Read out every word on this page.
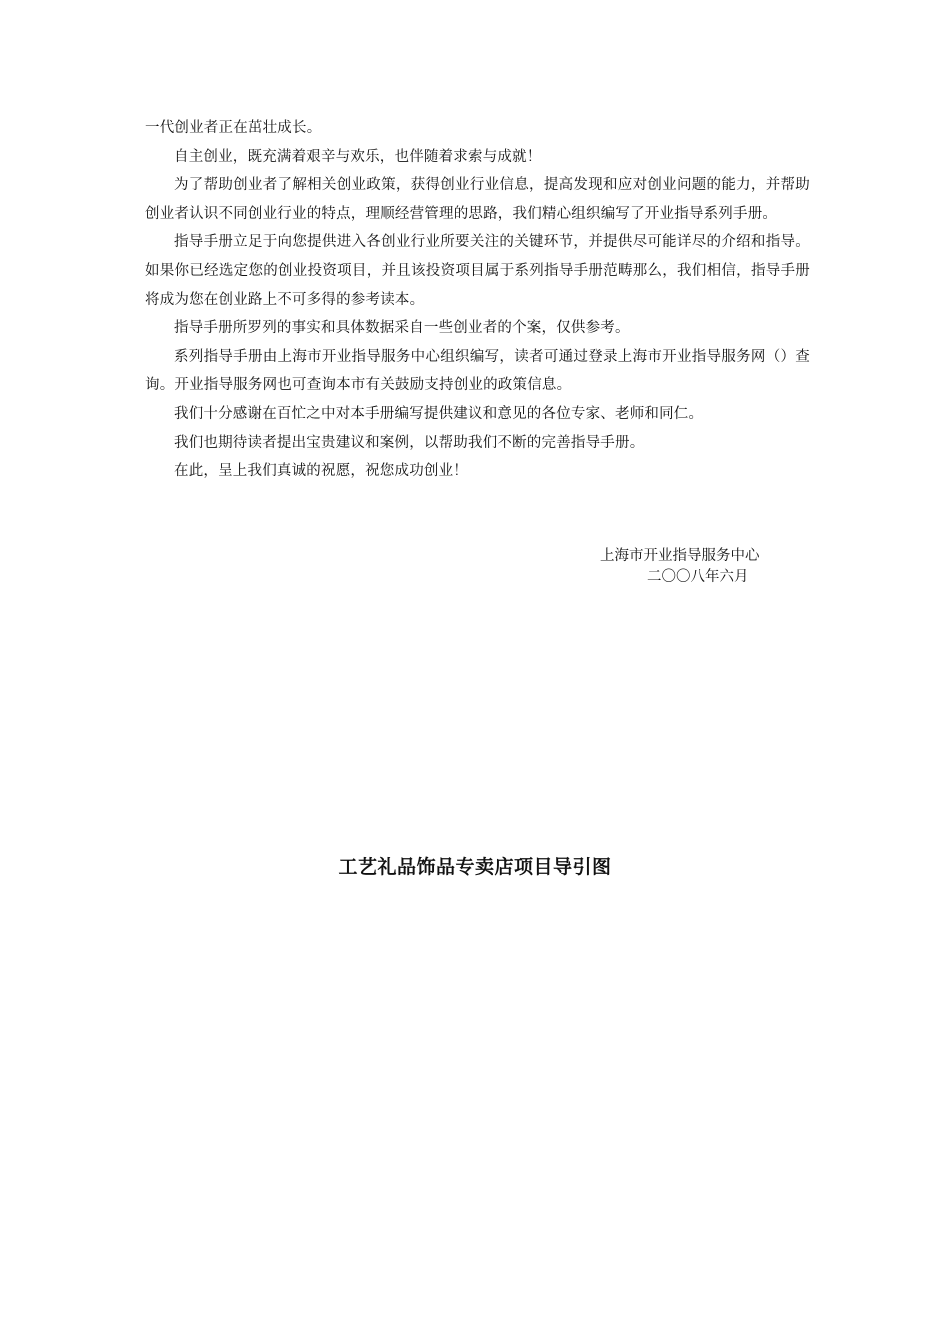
一代创业者正在茁壮成长。

自主创业，既充满着艰辛与欢乐，也伴随着求索与成就！

为了帮助创业者了解相关创业政策，获得创业行业信息，提高发现和应对创业问题的能力，并帮助创业者认识不同创业行业的特点，理顺经营管理的思路，我们精心组织编写了开业指导系列手册。

指导手册立足于向您提供进入各创业行业所要关注的关键环节，并提供尽可能详尽的介绍和指导。如果你已经选定您的创业投资项目，并且该投资项目属于系列指导手册范畴那么，我们相信，指导手册将成为您在创业路上不可多得的参考读本。

指导手册所罗列的事实和具体数据采自一些创业者的个案，仅供参考。

系列指导手册由上海市开业指导服务中心组织编写，读者可通过登录上海市开业指导服务网（）查询。开业指导服务网也可查询本市有关鼓励支持创业的政策信息。

我们十分感谢在百忙之中对本手册编写提供建议和意见的各位专家、老师和同仁。

我们也期待读者提出宝贵建议和案例，以帮助我们不断的完善指导手册。

在此，呈上我们真诚的祝愿，祝您成功创业！

上海市开业指导服务中心

二〇〇八年六月

工艺礼品饰品专卖店项目导引图
